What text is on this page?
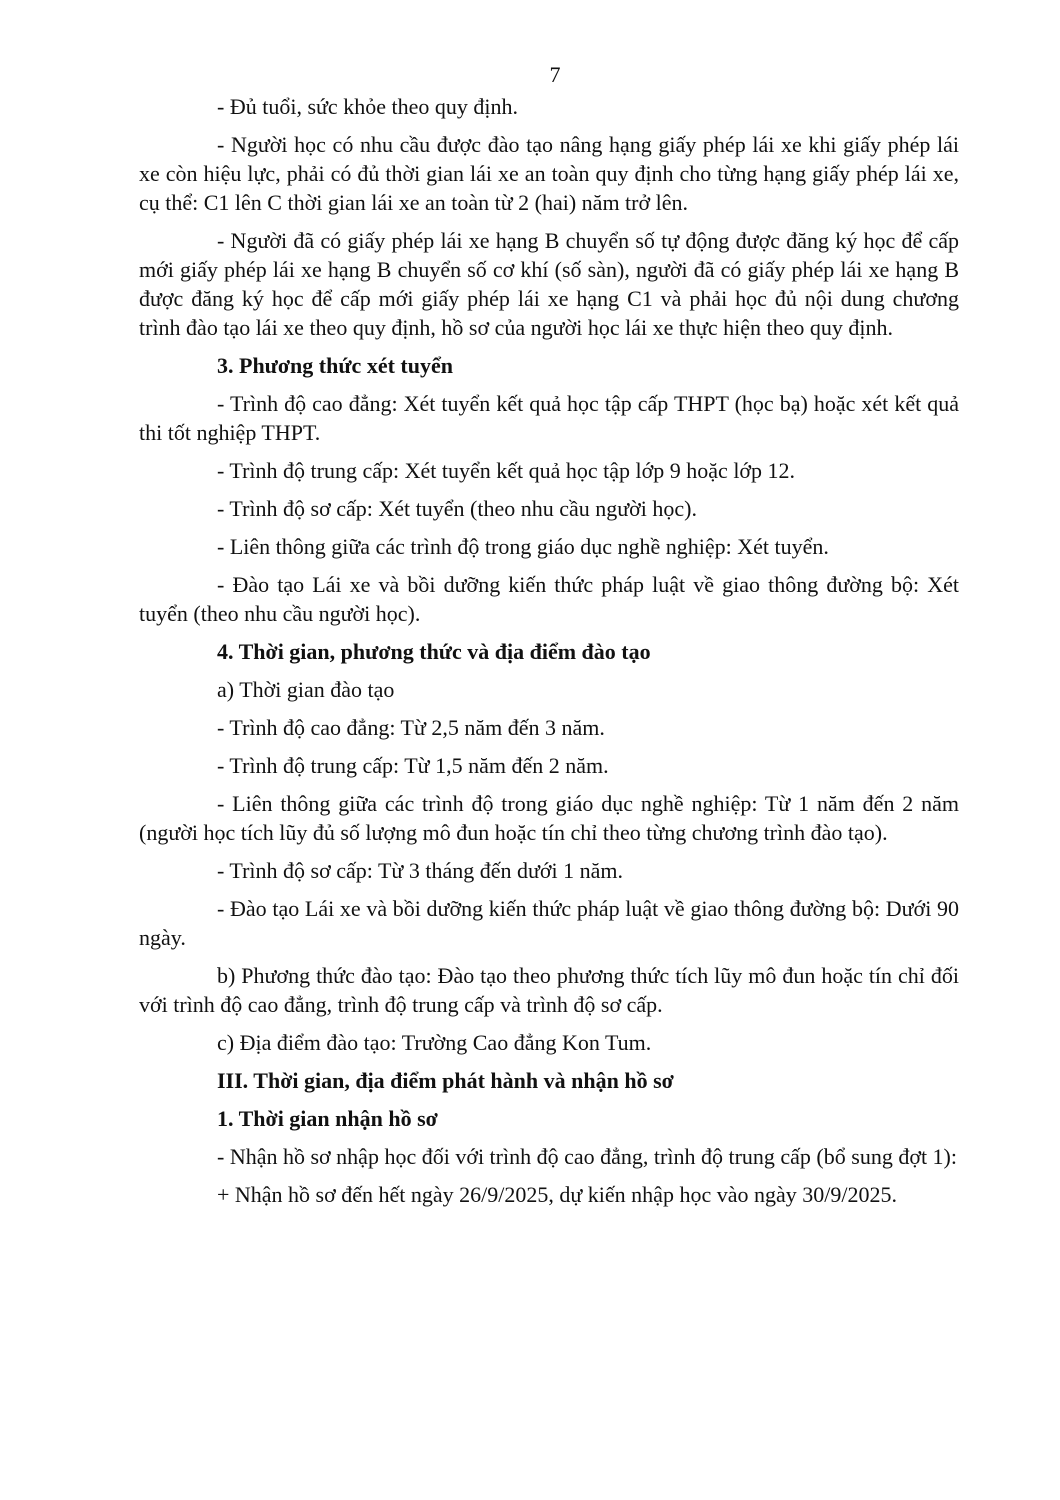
7

- Đủ tuổi, sức khỏe theo quy định.

- Người học có nhu cầu được đào tạo nâng hạng giấy phép lái xe khi giấy phép lái xe còn hiệu lực, phải có đủ thời gian lái xe an toàn quy định cho từng hạng giấy phép lái xe, cụ thể: C1 lên C thời gian lái xe an toàn từ 2 (hai) năm trở lên.

- Người đã có giấy phép lái xe hạng B chuyển số tự động được đăng ký học để cấp mới giấy phép lái xe hạng B chuyển số cơ khí (số sàn), người đã có giấy phép lái xe hạng B được đăng ký học để cấp mới giấy phép lái xe hạng C1 và phải học đủ nội dung chương trình đào tạo lái xe theo quy định, hồ sơ của người học lái xe thực hiện theo quy định.

3. Phương thức xét tuyển

- Trình độ cao đẳng: Xét tuyển kết quả học tập cấp THPT (học bạ) hoặc xét kết quả thi tốt nghiệp THPT.

- Trình độ trung cấp: Xét tuyển kết quả học tập lớp 9 hoặc lớp 12.

- Trình độ sơ cấp: Xét tuyển (theo nhu cầu người học).

- Liên thông giữa các trình độ trong giáo dục nghề nghiệp: Xét tuyển.

- Đào tạo Lái xe và bồi dưỡng kiến thức pháp luật về giao thông đường bộ: Xét tuyển (theo nhu cầu người học).

4. Thời gian, phương thức và địa điểm đào tạo

a) Thời gian đào tạo

- Trình độ cao đẳng: Từ 2,5 năm đến 3 năm.

- Trình độ trung cấp: Từ 1,5 năm đến 2 năm.

- Liên thông giữa các trình độ trong giáo dục nghề nghiệp: Từ 1 năm đến 2 năm (người học tích lũy đủ số lượng mô đun hoặc tín chỉ theo từng chương trình đào tạo).

- Trình độ sơ cấp: Từ 3 tháng đến dưới 1 năm.

- Đào tạo Lái xe và bồi dưỡng kiến thức pháp luật về giao thông đường bộ: Dưới 90 ngày.

b) Phương thức đào tạo: Đào tạo theo phương thức tích lũy mô đun hoặc tín chỉ đối với trình độ cao đẳng, trình độ trung cấp và trình độ sơ cấp.

c) Địa điểm đào tạo: Trường Cao đẳng Kon Tum.

III. Thời gian, địa điểm phát hành và nhận hồ sơ
1. Thời gian nhận hồ sơ

- Nhận hồ sơ nhập học đối với trình độ cao đẳng, trình độ trung cấp (bổ sung đợt 1):

+ Nhận hồ sơ đến hết ngày 26/9/2025, dự kiến nhập học vào ngày 30/9/2025.
